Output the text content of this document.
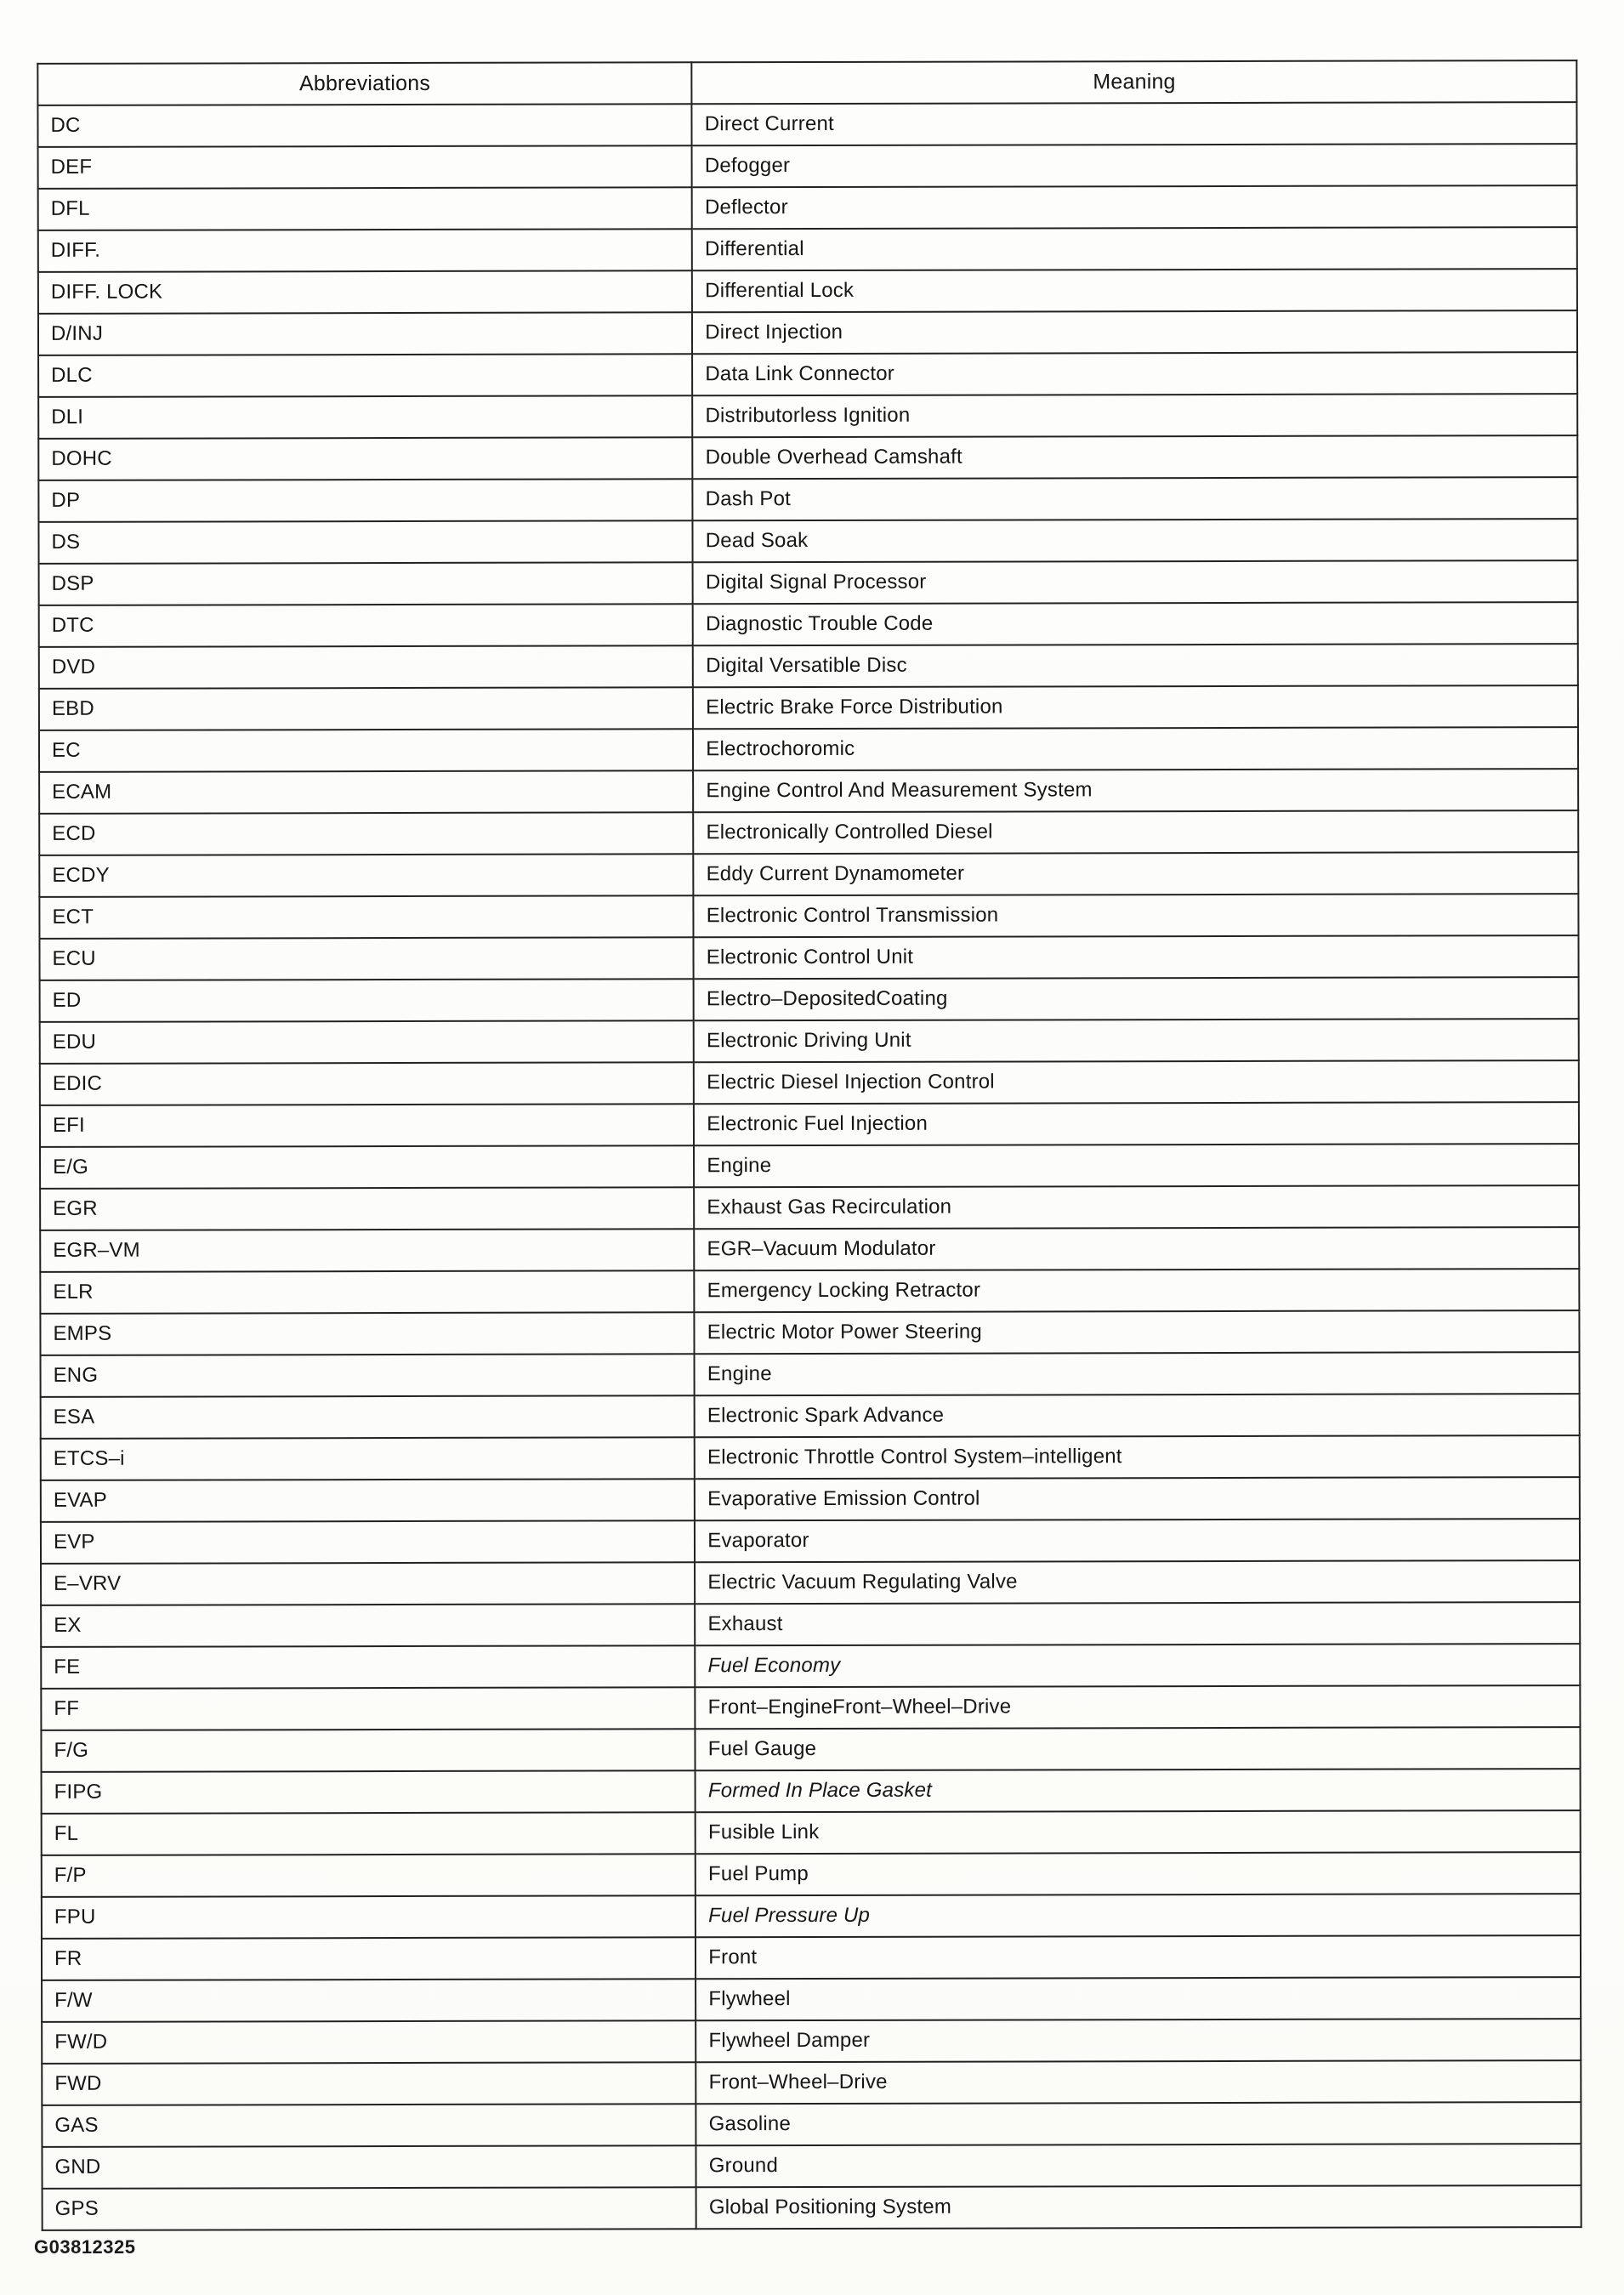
Abbreviations	Meaning
DC	Direct Current
DEF	Defogger
DFL	Deflector
DIFF.	Differential
DIFF. LOCK	Differential Lock
D/INJ	Direct Injection
DLC	Data Link Connector
DLI	Distributorless Ignition
DOHC	Double Overhead Camshaft
DP	Dash Pot
DS	Dead Soak
DSP	Digital Signal Processor
DTC	Diagnostic Trouble Code
DVD	Digital Versatible Disc
EBD	Electric Brake Force Distribution
EC	Electrochoromic
ECAM	Engine Control And Measurement System
ECD	Electronically Controlled Diesel
ECDY	Eddy Current Dynamometer
ECT	Electronic Control Transmission
ECU	Electronic Control Unit
ED	Electro–DepositedCoating
EDU	Electronic Driving Unit
EDIC	Electric Diesel Injection Control
EFI	Electronic Fuel Injection
E/G	Engine
EGR	Exhaust Gas Recirculation
EGR–VM	EGR–Vacuum Modulator
ELR	Emergency Locking Retractor
EMPS	Electric Motor Power Steering
ENG	Engine
ESA	Electronic Spark Advance
ETCS–i	Electronic Throttle Control System–intelligent
EVAP	Evaporative Emission Control
EVP	Evaporator
E–VRV	Electric Vacuum Regulating Valve
EX	Exhaust
FE	Fuel Economy
FF	Front–EngineFront–Wheel–Drive
F/G	Fuel Gauge
FIPG	Formed In Place Gasket
FL	Fusible Link
F/P	Fuel Pump
FPU	Fuel Pressure Up
FR	Front
F/W	Flywheel
FW/D	Flywheel Damper
FWD	Front–Wheel–Drive
GAS	Gasoline
GND	Ground
GPS	Global Positioning System
G03812325
